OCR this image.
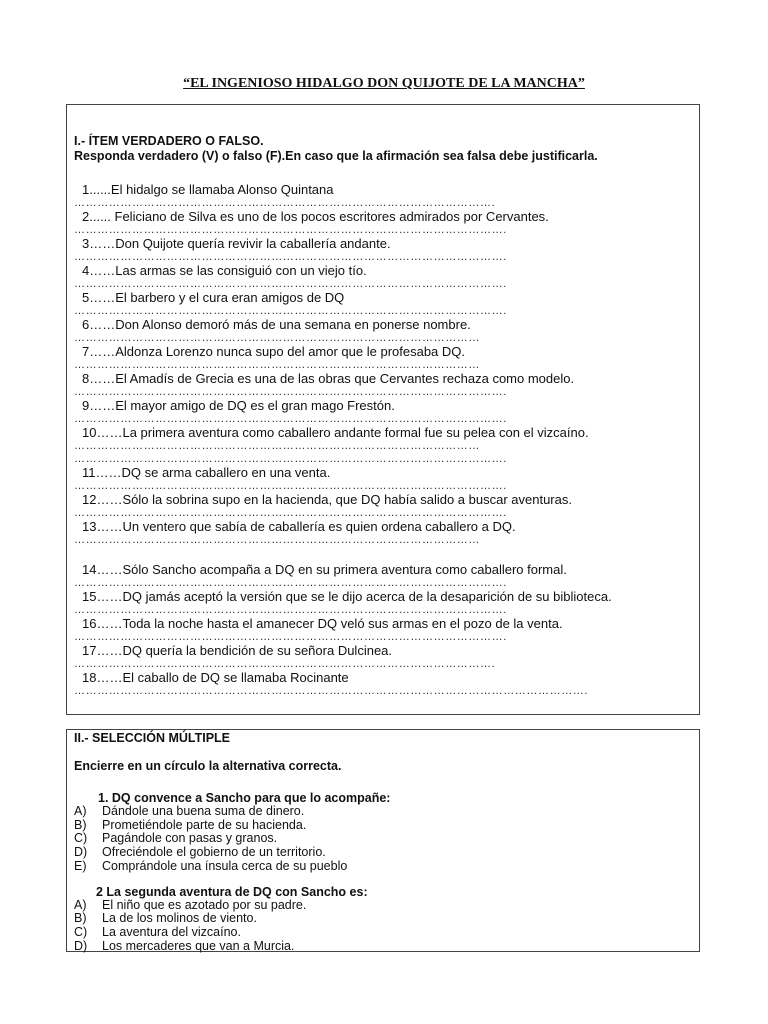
“EL INGENIOSO HIDALGO DON QUIJOTE DE LA MANCHA”

I.- ÍTEM VERDADERO O FALSO.

Responda verdadero (V) o falso (F).En caso que la afirmación sea falsa debe justificarla.

1......El hidalgo se llamaba Alonso Quintana
……………………………………………………………………………………………….
2...... Feliciano de Silva es uno de los pocos escritores admirados por Cervantes.
………………………………………………………………………………………………….
3……Don Quijote quería revivir la caballería andante.
………………………………………………………………………………………………….
4……Las armas se las consiguió con un viejo tío.
………………………………………………………………………………………………….
5……El barbero y el cura eran amigos de DQ
………………………………………………………………………………………………….
6……Don Alonso demoró más de una semana en ponerse nombre.
……………………………………………………………………………………………
7……Aldonza Lorenzo nunca supo del amor que le profesaba DQ.
……………………………………………………………………………………………
8……El Amadís de Grecia es una de las obras que Cervantes rechaza como modelo.
………………………………………………………………………………………………….
9……El mayor amigo de DQ es el gran mago Frestón.
………………………………………………………………………………………………….
10……La primera aventura como caballero andante formal fue su pelea con el vizcaíno.
……………………………………………………………………………………………
………………………………………………………………………………………………….
11……DQ se arma caballero en una venta.
………………………………………………………………………………………………….
12……Sólo la sobrina supo en la hacienda, que DQ había salido a buscar aventuras.
………………………………………………………………………………………………….
13……Un ventero que sabía de caballería es quien ordena caballero a DQ.
……………………………………………………………………………………………
14……Sólo Sancho acompaña a DQ en su primera aventura como caballero formal.
………………………………………………………………………………………………….
15……DQ jamás aceptó la versión que se le dijo acerca de la desaparición de su biblioteca.
………………………………………………………………………………………………….
16……Toda la noche hasta el amanecer DQ veló sus armas en el pozo de la venta.
………………………………………………………………………………………………….
17……DQ quería la bendición de su señora Dulcinea.
……………………………………………………………………………………………….
18……El caballo de DQ se llamaba Rocinante
…………………………………………………………………………………………………………………….

II.- SELECCIÓN MÚLTIPLE

Encierre en un círculo la alternativa correcta.

1. DQ convence a Sancho para que lo acompañe:
A) Dándole una buena suma de dinero.
B) Prometiéndole parte de su hacienda.
C) Pagándole con pasas y granos.
D) Ofreciéndole el gobierno de un territorio.
E) Comprándole una ínsula cerca de su pueblo
2 La segunda aventura de DQ con Sancho es:
A) El niño que es azotado por su padre.
B) La de los molinos de viento.
C) La aventura del vizcaíno.
D) Los mercaderes que van a Murcia.
